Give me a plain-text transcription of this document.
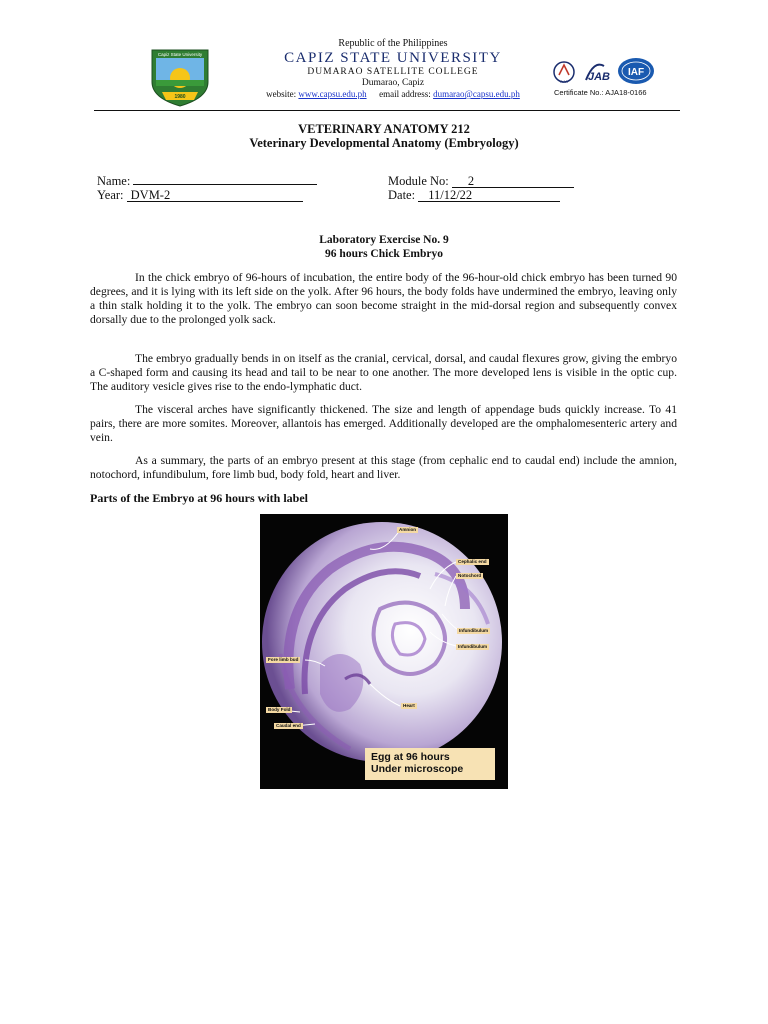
Capiz State University
1980
Republic of the Philippines
CAPIZ STATE UNIVERSITY
DUMARAO SATELLITE COLLEGE
Dumarao, Capiz
website: www.capsu.edu.ph email address: dumarao@capsu.edu.ph
AJA JAB IAF
Certificate No.: AJA18-0166
VETERINARY ANATOMY 212
Veterinary Developmental Anatomy (Embryology)
Name:
Year: DVM-2
Module No: 2
Date: 11/12/22
Laboratory Exercise No. 9
96 hours Chick Embryo

In the chick embryo of 96-hours of incubation, the entire body of the 96-hour-old chick embryo has been turned 90 degrees, and it is lying with its left side on the yolk. After 96 hours, the body folds have undermined the embryo, leaving only a thin stalk holding it to the yolk. The embryo can soon become straight in the mid-dorsal region and subsequently convex dorsally due to the prolonged yolk sack.

The embryo gradually bends in on itself as the cranial, cervical, dorsal, and caudal flexures grow, giving the embryo a C-shaped form and causing its head and tail to be near to one another. The more developed lens is visible in the optic cup. The auditory vesicle gives rise to the endo-lymphatic duct.

The visceral arches have significantly thickened. The size and length of appendage buds quickly increase. To 41 pairs, there are more somites. Moreover, allantois has emerged. Additionally developed are the omphalomesenteric artery and vein.

As a summary, the parts of an embryo present at this stage (from cephalic end to caudal end) include the amnion, notochord, infundibulum, fore limb bud, body fold, heart and liver.

Parts of the Embryo at 96 hours with label
Amnion
Cephalic end
Notochord
Infundibulum
Infundibulum
Fore limb bud
Heart
Body Fold
Caudal end
Egg at 96 hours
Under microscope
